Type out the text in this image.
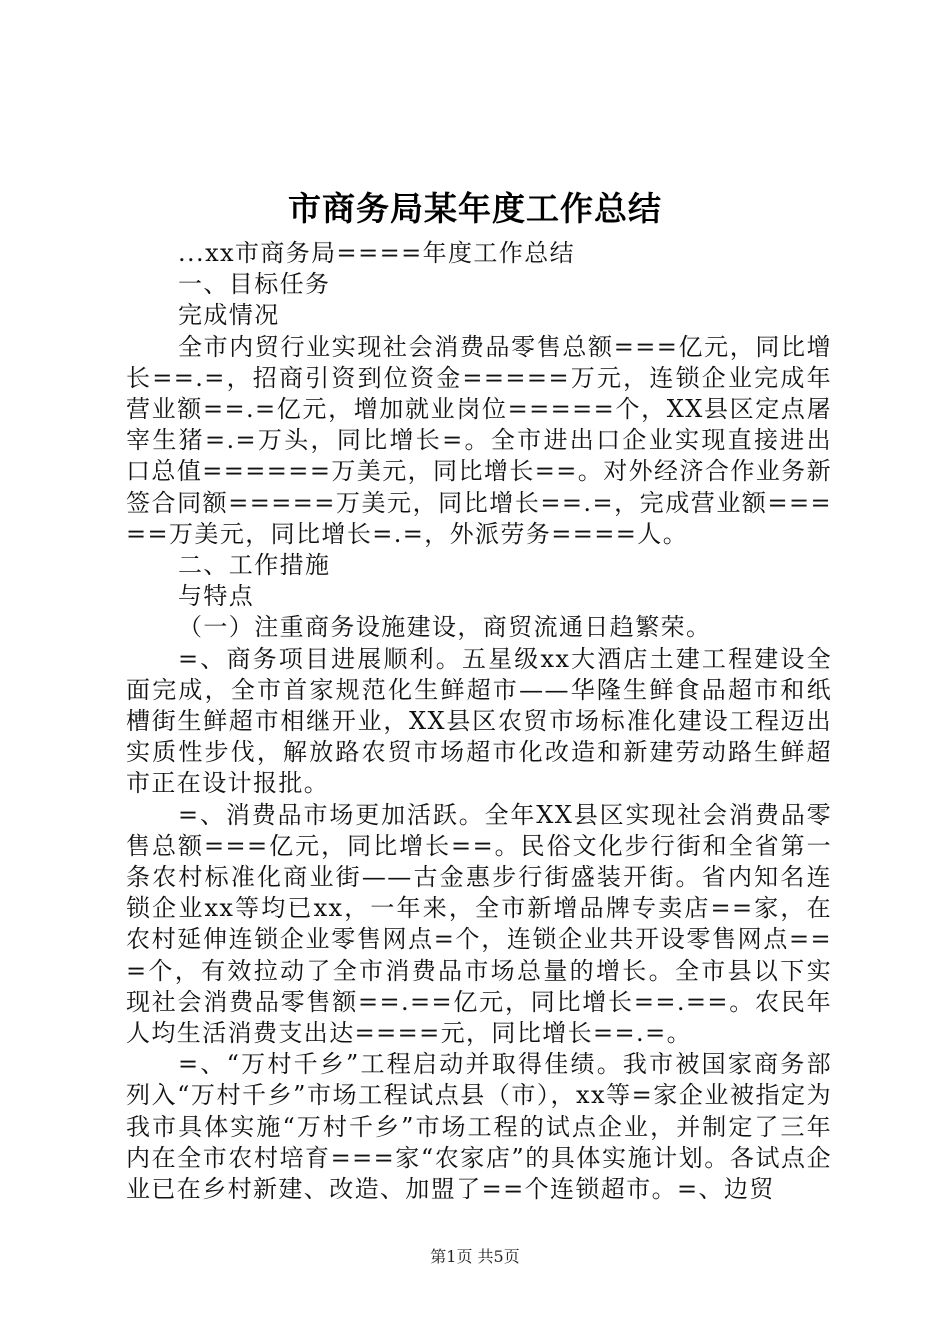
市商务局某年度工作总结

...xx市商务局====年度工作总结

一、目标任务

完成情况

全市内贸行业实现社会消费品零售总额===亿元，同比增长==.=，招商引资到位资金=====万元，连锁企业完成年营业额==.=亿元，增加就业岗位=====个，XX县区定点屠宰生猪=.=万头，同比增长=。全市进出口企业实现直接进出口总值======万美元，同比增长==。对外经济合作业务新签合同额=====万美元，同比增长==.=，完成营业额=====万美元，同比增长=.=，外派劳务====人。

二、工作措施

与特点

（一）注重商务设施建设，商贸流通日趋繁荣。

=、商务项目进展顺利。五星级xx大酒店土建工程建设全面完成，全市首家规范化生鲜超市——华隆生鲜食品超市和纸槽街生鲜超市相继开业，XX县区农贸市场标准化建设工程迈出实质性步伐，解放路农贸市场超市化改造和新建劳动路生鲜超市正在设计报批。

=、消费品市场更加活跃。全年XX县区实现社会消费品零售总额===亿元，同比增长==。民俗文化步行街和全省第一条农村标准化商业街——古金惠步行街盛装开街。省内知名连锁企业xx等均已xx，一年来，全市新增品牌专卖店==家，在农村延伸连锁企业零售网点=个，连锁企业共开设零售网点===个，有效拉动了全市消费品市场总量的增长。全市县以下实现社会消费品零售额==.==亿元，同比增长==.==。农民年人均生活消费支出达====元，同比增长==.=。

=、“万村千乡”工程启动并取得佳绩。我市被国家商务部列入“万村千乡”市场工程试点县（市），xx等=家企业被指定为我市具体实施“万村千乡”市场工程的试点企业，并制定了三年内在全市农村培育===家“农家店”的具体实施计划。各试点企业已在乡村新建、改造、加盟了==个连锁超市。=、边贸

第1页 共5页
